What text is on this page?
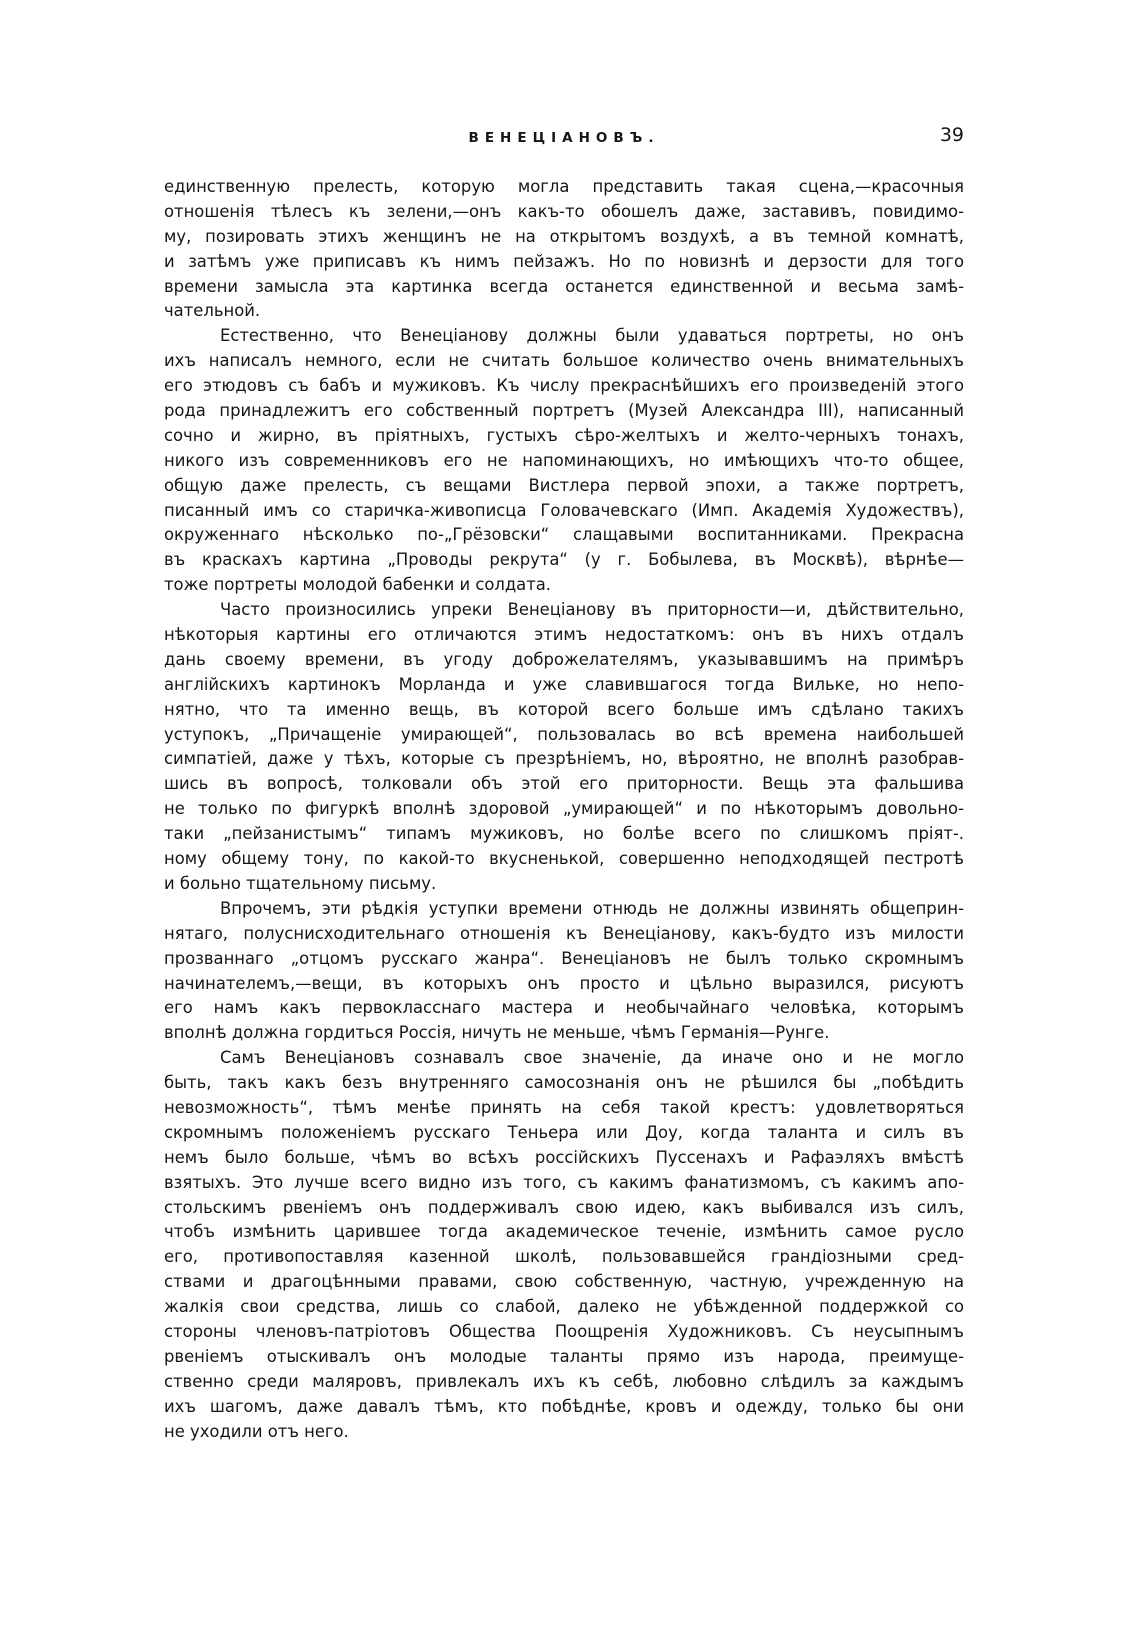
ВЕНЕЦІАНОВЪ.	39
единственную прелесть, которую могла представить такая сцена,—красочныя
отношенія тѣлесъ къ зелени,—онъ какъ-то обошелъ даже, заставивъ, повидимо-
му, позировать этихъ женщинъ не на открытомъ воздухѣ, а въ темной комнатѣ,
и затѣмъ уже приписавъ къ нимъ пейзажъ. Но по новизнѣ и дерзости для того
времени замысла эта картинка всегда останется единственной и весьма замѣ-
чательной.
Естественно, что Венеціанову должны были удаваться портреты, но онъ
ихъ написалъ немного, если не считать большое количество очень внимательныхъ
его этюдовъ съ бабъ и мужиковъ. Къ числу прекраснѣйшихъ его произведеній этого
рода принадлежитъ его собственный портретъ (Музей Александра III), написанный
сочно и жирно, въ пріятныхъ, густыхъ сѣро-желтыхъ и желто-черныхъ тонахъ,
никого изъ современниковъ его не напоминающихъ, но имѣющихъ что-то общее,
общую даже прелесть, съ вещами Вистлера первой эпохи, а также портретъ,
писанный имъ со старичка-живописца Головачевскаго (Имп. Академія Художествъ),
окруженнаго нѣсколько по-„Грёзовски“ слащавыми воспитанниками. Прекрасна
въ краскахъ картина „Проводы рекрута“ (у г. Бобылева, въ Москвѣ), вѣрнѣе—
тоже портреты молодой бабенки и солдата.
Часто произносились упреки Венеціанову въ приторности—и, дѣйствительно,
нѣкоторыя картины его отличаются этимъ недостаткомъ: онъ въ нихъ отдалъ
дань своему времени, въ угоду доброжелателямъ, указывавшимъ на примѣръ
англійскихъ картинокъ Морланда и уже славившагося тогда Вильке, но непо-
нятно, что та именно вещь, въ которой всего больше имъ сдѣлано такихъ
уступокъ, „Причащеніе умирающей“, пользовалась во всѣ времена наибольшей
симпатіей, даже у тѣхъ, которые съ презрѣніемъ, но, вѣроятно, не вполнѣ разобрав-
шись въ вопросѣ, толковали объ этой его приторности. Вещь эта фальшива
не только по фигуркѣ вполнѣ здоровой „умирающей“ и по нѣкоторымъ довольно-
таки „пейзанистымъ“ типамъ мужиковъ, но болѣе всего по слишкомъ пріят-.
ному общему тону, по какой-то вкусненькой, совершенно неподходящей пестротѣ
и больно тщательному письму.
Впрочемъ, эти рѣдкія уступки времени отнюдь не должны извинять общеприн-
нятаго, полуснисходительнаго отношенія къ Венеціанову, какъ-будто изъ милости
прозваннаго „отцомъ русскаго жанра“. Венеціановъ не былъ только скромнымъ
начинателемъ,—вещи, въ которыхъ онъ просто и цѣльно выразился, рисуютъ
его намъ какъ первокласснаго мастера и необычайнаго человѣка, которымъ
вполнѣ должна гордиться Россія, ничуть не меньше, чѣмъ Германія—Рунге.
Самъ Венеціановъ сознавалъ свое значеніе, да иначе оно и не могло
быть, такъ какъ безъ внутренняго самосознанія онъ не рѣшился бы „побѣдить
невозможность“, тѣмъ менѣе принять на себя такой крестъ: удовлетворяться
скромнымъ положеніемъ русскаго Теньера или Доу, когда таланта и силъ въ
немъ было больше, чѣмъ во всѣхъ россійскихъ Пуссенахъ и Рафаэляхъ вмѣстѣ
взятыхъ. Это лучше всего видно изъ того, съ какимъ фанатизмомъ, съ какимъ апо-
стольскимъ рвеніемъ онъ поддерживалъ свою идею, какъ выбивался изъ силъ,
чтобъ измѣнить царившее тогда академическое теченіе, измѣнить самое русло
его, противопоставляя казенной школѣ, пользовавшейся грандіозными сред-
ствами и драгоцѣнными правами, свою собственную, частную, учрежденную на
жалкія свои средства, лишь со слабой, далеко не убѣжденной поддержкой со
стороны членовъ-патріотовъ Общества Поощренія Художниковъ. Съ неусыпнымъ
рвеніемъ отыскивалъ онъ молодые таланты прямо изъ народа, преимуще-
ственно среди маляровъ, привлекалъ ихъ къ себѣ, любовно слѣдилъ за каждымъ
ихъ шагомъ, даже давалъ тѣмъ, кто побѣднѣе, кровъ и одежду, только бы они
не уходили отъ него.
